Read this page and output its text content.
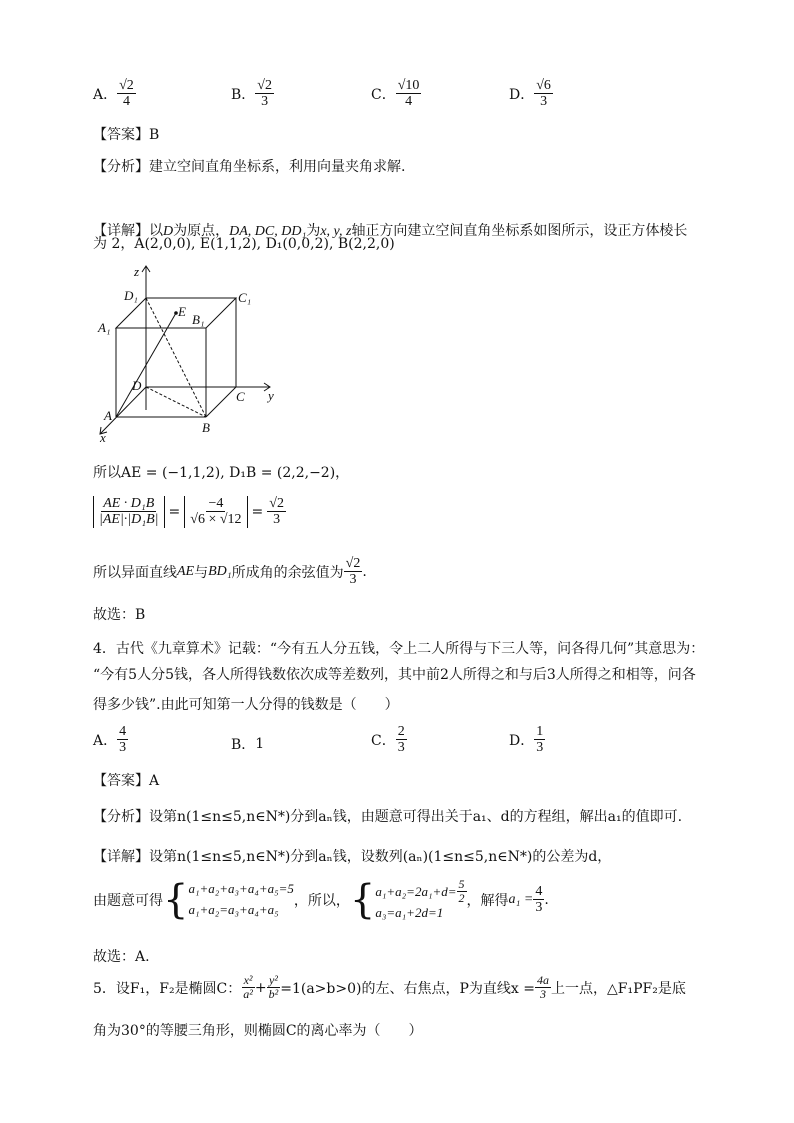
A． $\frac{√2}{4}$	B． $\frac{√2}{3}$	C． $\frac{√10}{4}$	D． $\frac{√6}{3}$
【答案】B
【分析】建立空间直角坐标系，利用向量夹角求解.
【详解】以D为原点，DA, DC, DD₁为x, y, z轴正方向建立空间直角坐标系如图所示，设正方体棱长
为 2，A(2,0,0), E(1,1,2), D₁(0,0,2), B(2,2,0)
z
y
x
D₁	C₁
A₁
B₁
E
D
C
A
B
所以AE = (−1,1,2), D₁B = (2,2,−2)，
$\frac{\text{AE · D₁B}}{\text{|AE|·|D₁B|}} = \frac{-4}{√6 \times √12} = \frac{√2}{3}$
所以异面直线 AE 与 BD₁ 所成角的余弦值为 $\frac{√2}{3}$ .
故选：B
4．古代《九章算术》记载：“今有五人分五钱，令上二人所得与下三人等，问各得几何”其意思为：
“今有5人分5钱，各人所得钱数依次成等差数列，其中前2人所得之和与后3人所得之和相等，问各
得多少钱”.由此可知第一人分得的钱数是（　　）
A． $\frac{4}{3}$	B． 1	C． $\frac{2}{3}$	D． $\frac{1}{3}$
【答案】A
【分析】设第n(1≤n≤5,n∈N*)分到aₙ钱，由题意可得出关于a₁、d的方程组，解出a₁的值即可.
【详解】设第n(1≤n≤5,n∈N*)分到aₙ钱，设数列(aₙ)(1≤n≤5,n∈N*)的公差为d，
由题意可得 { a₁+a₂+a₃+a₄+a₅=5
a₁+a₂=a₃+a₄+a₅
，所以， { $a_1+a_2=2a_1+d= \frac{5}{2}$
a₃=a₁+2d=1
，解得 $a_1 = \frac{4}{3}$ .
故选：A.
5．设F₁，F₂是椭圆C： $\frac{\text{x²}}{\text{a²}} + \frac{\text{y²}}{\text{b²}} =1(a>b>0)$的左、右焦点， P为直线$x = \frac{4a}{3}$ 上一点，△F₁PF₂是底
角为30°的等腰三角形，则椭圆C的离心率为（　　）
